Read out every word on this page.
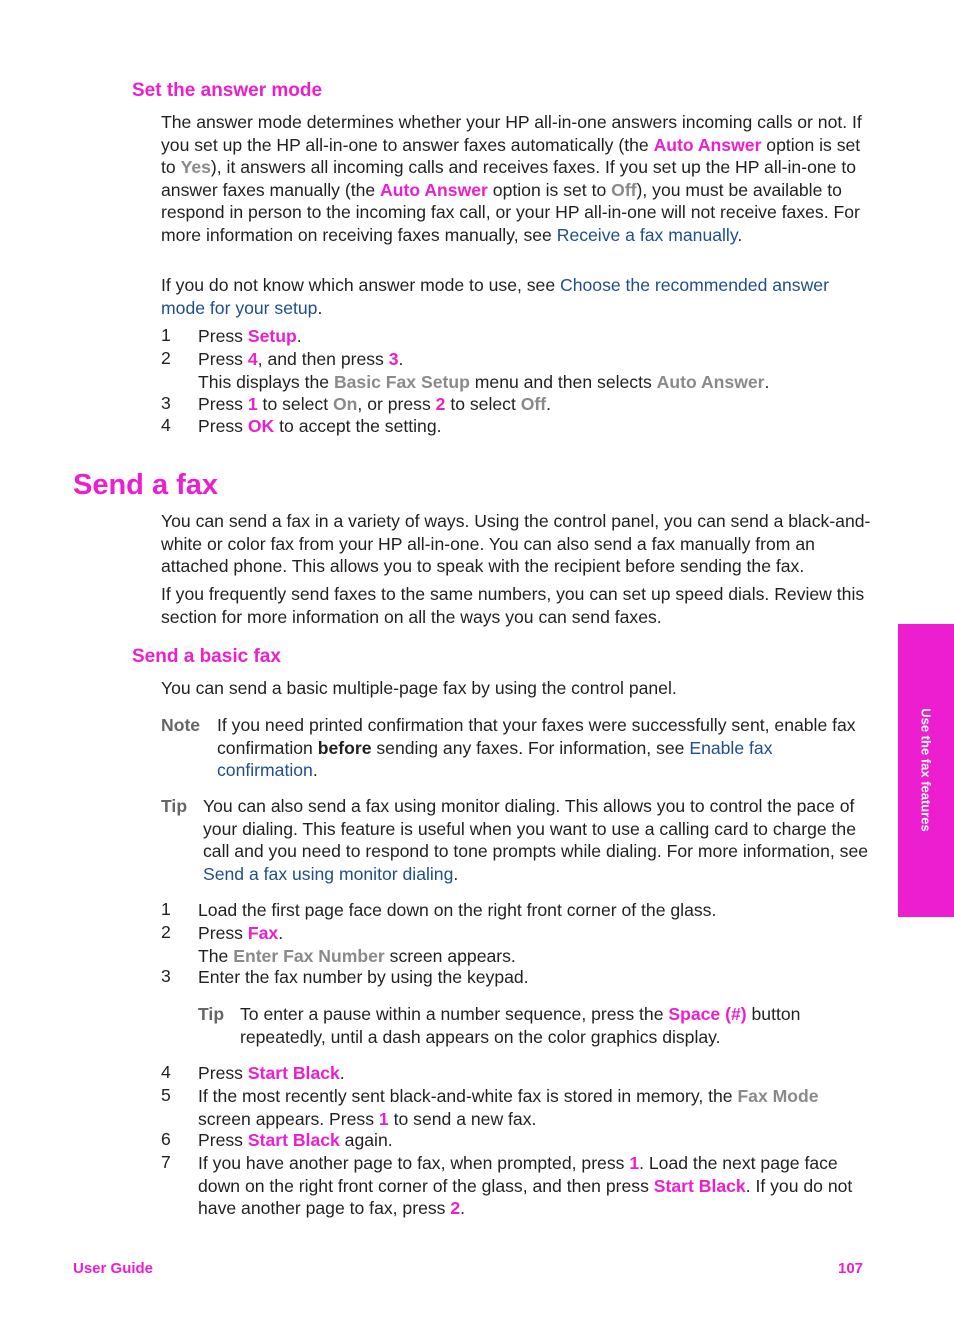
Set the answer mode

The answer mode determines whether your HP all-in-one answers incoming calls or not. If you set up the HP all-in-one to answer faxes automatically (the Auto Answer option is set to Yes), it answers all incoming calls and receives faxes. If you set up the HP all-in-one to answer faxes manually (the Auto Answer option is set to Off), you must be available to respond in person to the incoming fax call, or your HP all-in-one will not receive faxes. For more information on receiving faxes manually, see Receive a fax manually.

If you do not know which answer mode to use, see Choose the recommended answer mode for your setup.

1	Press Setup.
2	Press 4, and then press 3.
This displays the Basic Fax Setup menu and then selects Auto Answer.
3	Press 1 to select On, or press 2 to select Off.
4	Press OK to accept the setting.
Send a fax

You can send a fax in a variety of ways. Using the control panel, you can send a black-and-white or color fax from your HP all-in-one. You can also send a fax manually from an attached phone. This allows you to speak with the recipient before sending the fax.

If you frequently send faxes to the same numbers, you can set up speed dials. Review this section for more information on all the ways you can send faxes.

Send a basic fax

You can send a basic multiple-page fax by using the control panel.

Note If you need printed confirmation that your faxes were successfully sent, enable fax confirmation before sending any faxes. For information, see Enable fax confirmation.
Tip You can also send a fax using monitor dialing. This allows you to control the pace of your dialing. This feature is useful when you want to use a calling card to charge the call and you need to respond to tone prompts while dialing. For more information, see Send a fax using monitor dialing.
1	Load the first page face down on the right front corner of the glass.
2	Press Fax.
The Enter Fax Number screen appears.
3	Enter the fax number by using the keypad.
Tip To enter a pause within a number sequence, press the Space (#) button repeatedly, until a dash appears on the color graphics display.
4	Press Start Black.
5	If the most recently sent black-and-white fax is stored in memory, the Fax Mode screen appears. Press 1 to send a new fax.
6	Press Start Black again.
7	If you have another page to fax, when prompted, press 1. Load the next page face down on the right front corner of the glass, and then press Start Black. If you do not have another page to fax, press 2.
Use the fax features
User Guide	107
